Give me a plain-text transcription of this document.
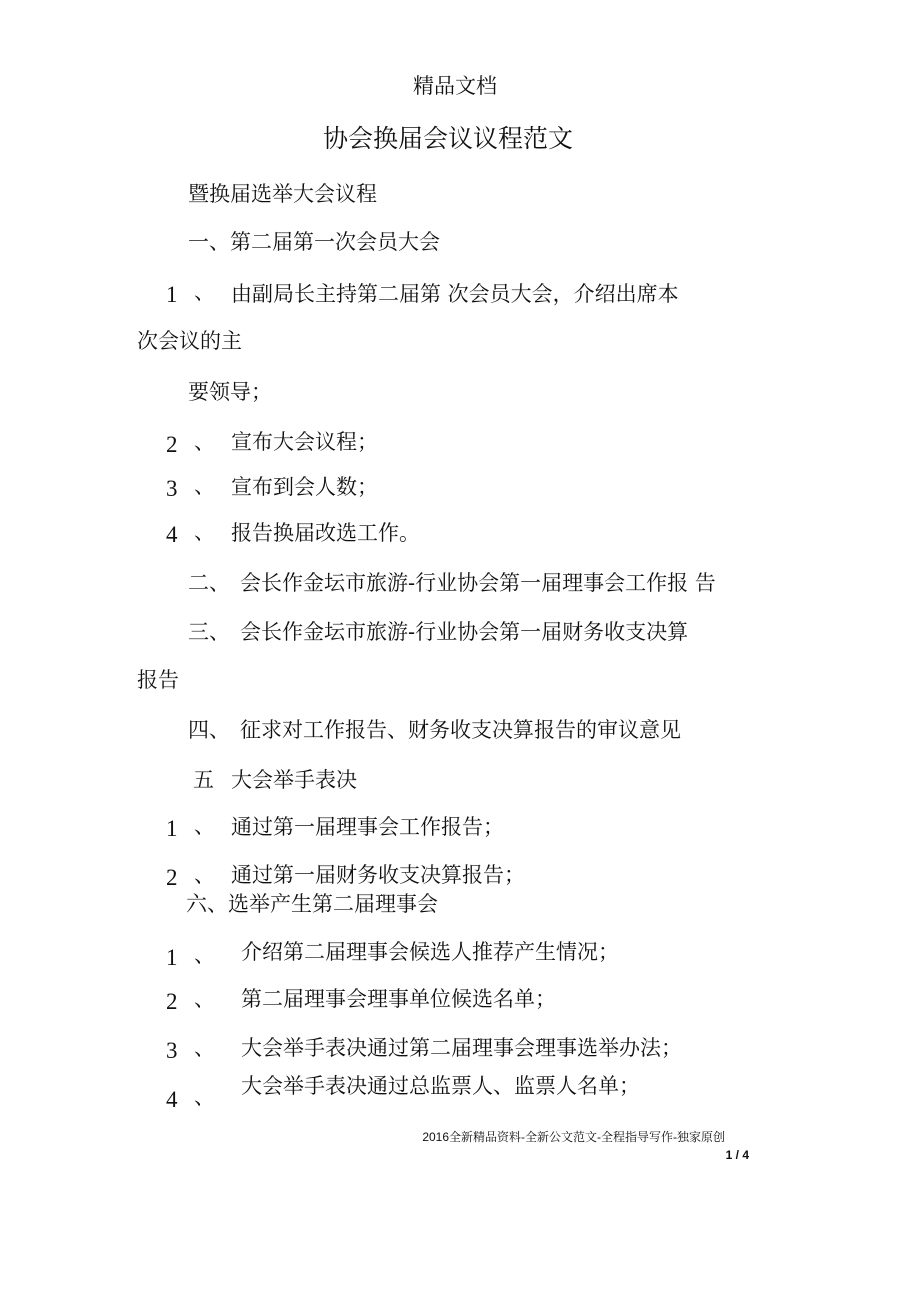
精品文档
协会换届会议议程范文
暨换届选举大会议程
一、第二届第一次会员大会
1 、 由副局长主持第二届第 次会员大会，介绍出席本
次会议的主
要领导；
2 、 宣布大会议程；
3 、 宣布到会人数；
4 、 报告换届改选工作。
二、 会长作金坛市旅游-行业协会第一届理事会工作报 告
三、 会长作金坛市旅游-行业协会第一届财务收支决算
报告
四、 征求对工作报告、财务收支决算报告的审议意见
五 大会举手表决
1 、 通过第一届理事会工作报告；
2 、 通过第一届财务收支决算报告；
六、选举产生第二届理事会
1 、 介绍第二届理事会候选人推荐产生情况；
2 、 第二届理事会理事单位候选名单；
3 、 大会举手表决通过第二届理事会理事选举办法；
4 、 大会举手表决通过总监票人、监票人名单；
2016全新精品资料-全新公文范文-全程指导写作-独家原创
1 / 4
